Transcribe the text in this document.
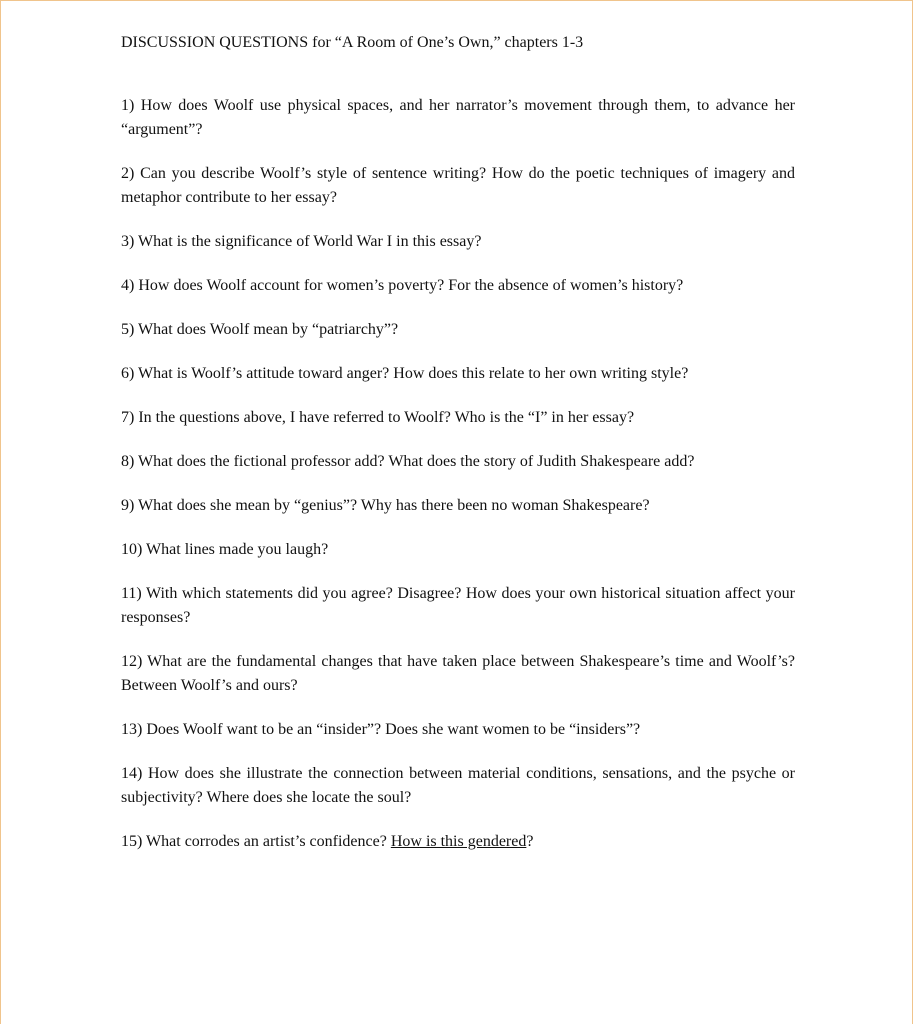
DISCUSSION QUESTIONS for “A Room of One’s Own,” chapters 1-3

1) How does Woolf use physical spaces, and her narrator’s movement through them, to advance her “argument”?

2) Can you describe Woolf’s style of sentence writing? How do the poetic techniques of imagery and metaphor contribute to her essay?

3) What is the significance of World War I in this essay?

4) How does Woolf account for women’s poverty? For the absence of women’s history?

5) What does Woolf mean by “patriarchy”?

6) What is Woolf’s attitude toward anger? How does this relate to her own writing style?

7) In the questions above, I have referred to Woolf? Who is the “I” in her essay?

8) What does the fictional professor add? What does the story of Judith Shakespeare add?

9) What does she mean by “genius”? Why has there been no woman Shakespeare?

10) What lines made you laugh?

11) With which statements did you agree? Disagree? How does your own historical situation affect your responses?

12) What are the fundamental changes that have taken place between Shakespeare’s time and Woolf’s? Between Woolf’s and ours?

13) Does Woolf want to be an “insider”? Does she want women to be “insiders”?

14) How does she illustrate the connection between material conditions, sensations, and the psyche or subjectivity? Where does she locate the soul?

15) What corrodes an artist’s confidence? How is this gendered?
